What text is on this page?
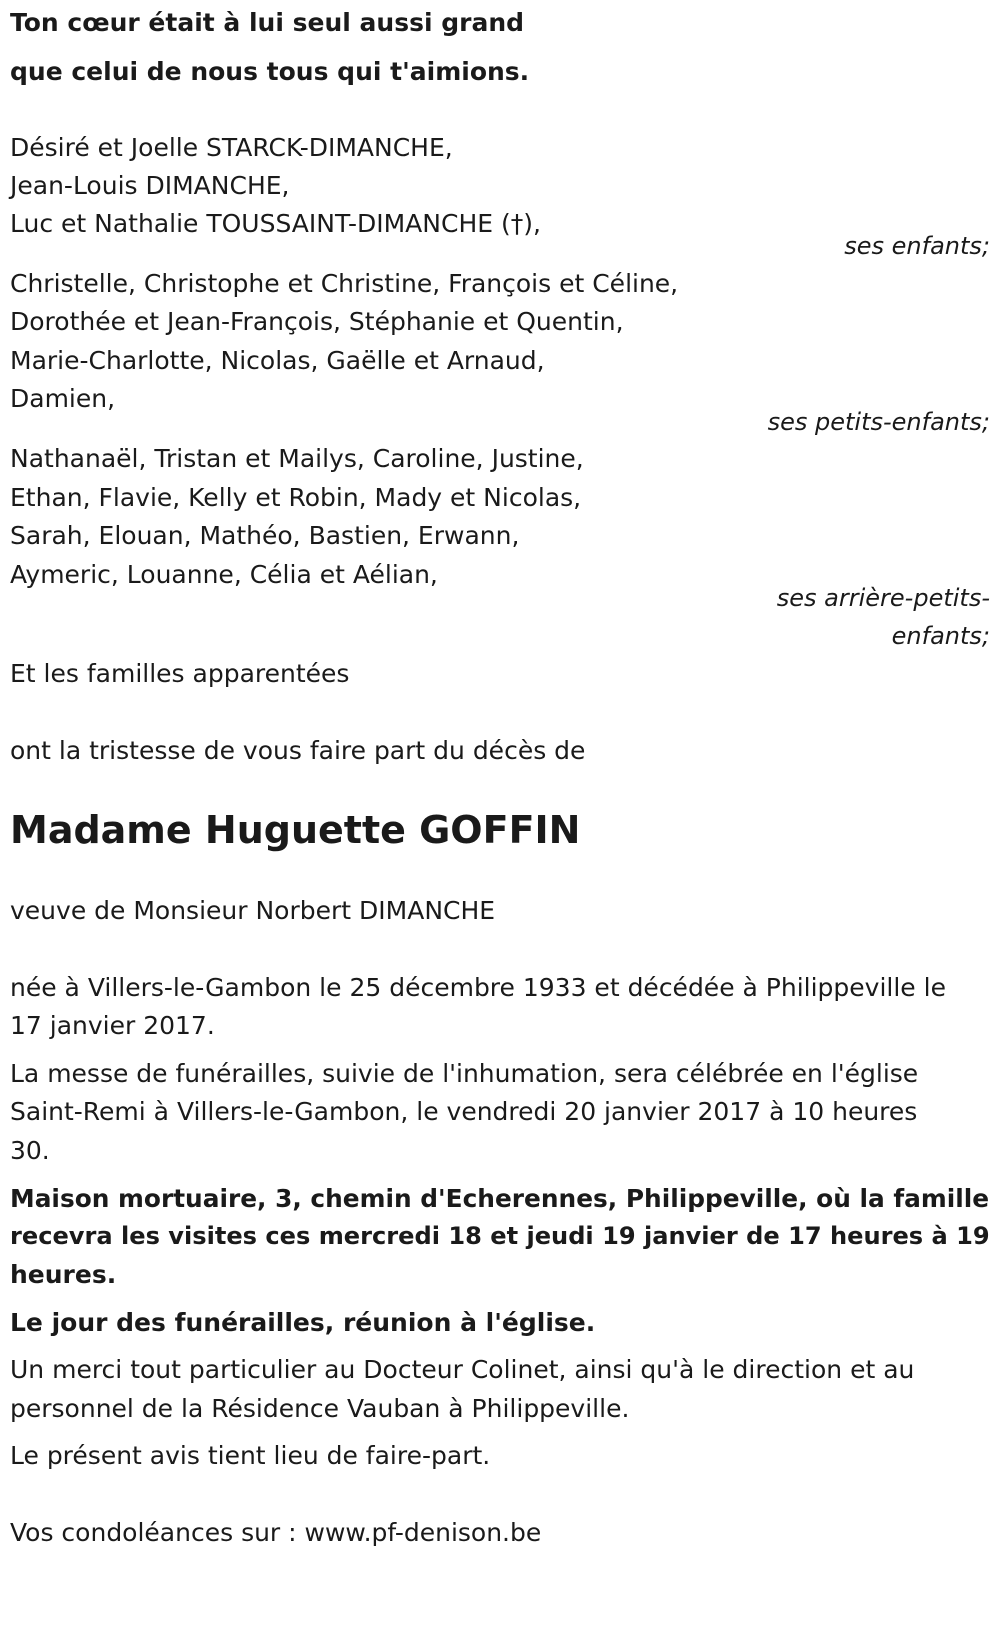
Ton cœur était à lui seul aussi grand
que celui de nous tous qui t'aimions.
Désiré et Joelle STARCK-DIMANCHE,
Jean-Louis DIMANCHE,
Luc et Nathalie TOUSSAINT-DIMANCHE (†),
ses enfants;
Christelle, Christophe et Christine, François et Céline,
Dorothée et Jean-François, Stéphanie et Quentin,
Marie-Charlotte, Nicolas, Gaëlle et Arnaud,
Damien,
ses petits-enfants;
Nathanaël, Tristan et Mailys, Caroline, Justine,
Ethan, Flavie, Kelly et Robin, Mady et Nicolas,
Sarah, Elouan, Mathéo, Bastien, Erwann,
Aymeric, Louanne, Célia et Aélian,
ses arrière-petits-
enfants;
Et les familles apparentées
ont la tristesse de vous faire part du décès de
Madame Huguette GOFFIN
veuve de Monsieur Norbert DIMANCHE
née à Villers-le-Gambon le 25 décembre 1933 et décédée à Philippeville le
17 janvier 2017.
La messe de funérailles, suivie de l'inhumation, sera célébrée en l'église
Saint-Remi à Villers-le-Gambon, le vendredi 20 janvier 2017 à 10 heures
30.
Maison mortuaire, 3, chemin d'Echerennes, Philippeville, où la famille
recevra les visites ces mercredi 18 et jeudi 19 janvier de 17 heures à 19
heures.
Le jour des funérailles, réunion à l'église.
Un merci tout particulier au Docteur Colinet, ainsi qu'à le direction et au
personnel de la Résidence Vauban à Philippeville.
Le présent avis tient lieu de faire-part.
Vos condoléances sur : www.pf-denison.be
